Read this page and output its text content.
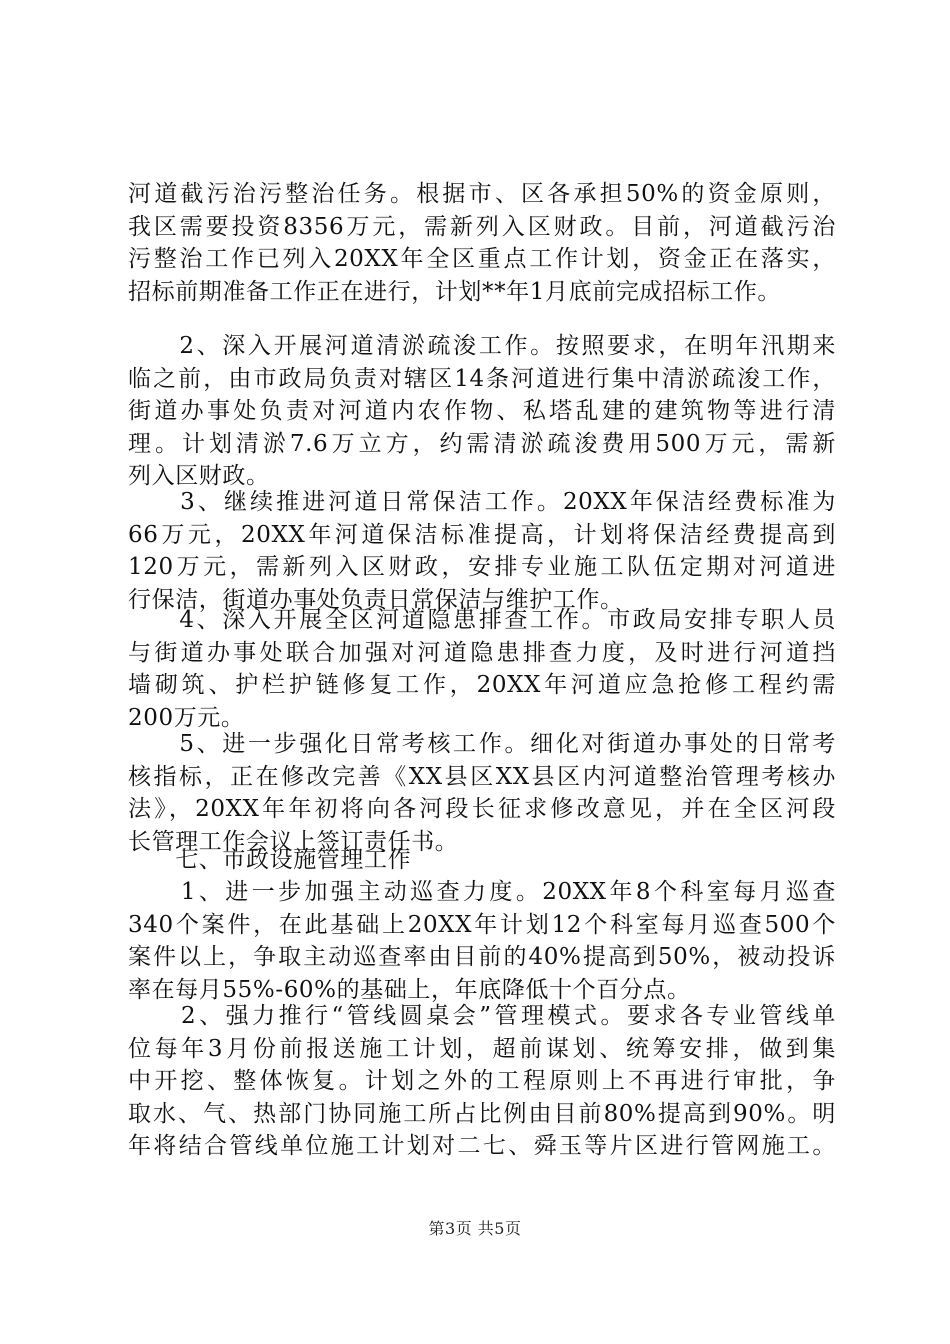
河道截污治污整治任务。根据市、区各承担50%的资金原则，
我区需要投资8356万元，需新列入区财政。目前，河道截污治
污整治工作已列入20XX年全区重点工作计划，资金正在落实，
招标前期准备工作正在进行，计划**年1月底前完成招标工作。
　　2、深入开展河道清淤疏浚工作。按照要求，在明年汛期来
临之前，由市政局负责对辖区14条河道进行集中清淤疏浚工作，
街道办事处负责对河道内农作物、私塔乱建的建筑物等进行清
理。计划清淤7.6万立方，约需清淤疏浚费用500万元，需新
列入区财政。
　　3、继续推进河道日常保洁工作。20XX年保洁经费标准为
66万元，20XX年河道保洁标准提高，计划将保洁经费提高到
120万元，需新列入区财政，安排专业施工队伍定期对河道进
行保洁，街道办事处负责日常保洁与维护工作。
　　4、深入开展全区河道隐患排查工作。市政局安排专职人员
与街道办事处联合加强对河道隐患排查力度，及时进行河道挡
墙砌筑、护栏护链修复工作，20XX年河道应急抢修工程约需
200万元。
　　5、进一步强化日常考核工作。细化对街道办事处的日常考
核指标，正在修改完善《XX县区XX县区内河道整治管理考核办
法》，20XX年年初将向各河段长征求修改意见，并在全区河段
长管理工作会议上签订责任书。
　　七、市政设施管理工作
　　1、进一步加强主动巡查力度。20XX年8个科室每月巡查
340个案件，在此基础上20XX年计划12个科室每月巡查500个
案件以上，争取主动巡查率由目前的40%提高到50%，被动投诉
率在每月55%-60%的基础上，年底降低十个百分点。
　　2、强力推行“管线圆桌会”管理模式。要求各专业管线单
位每年3月份前报送施工计划，超前谋划、统筹安排，做到集
中开挖、整体恢复。计划之外的工程原则上不再进行审批，争
取水、气、热部门协同施工所占比例由目前80%提高到90%。明
年将结合管线单位施工计划对二七、舜玉等片区进行管网施工。
第3页 共5页
